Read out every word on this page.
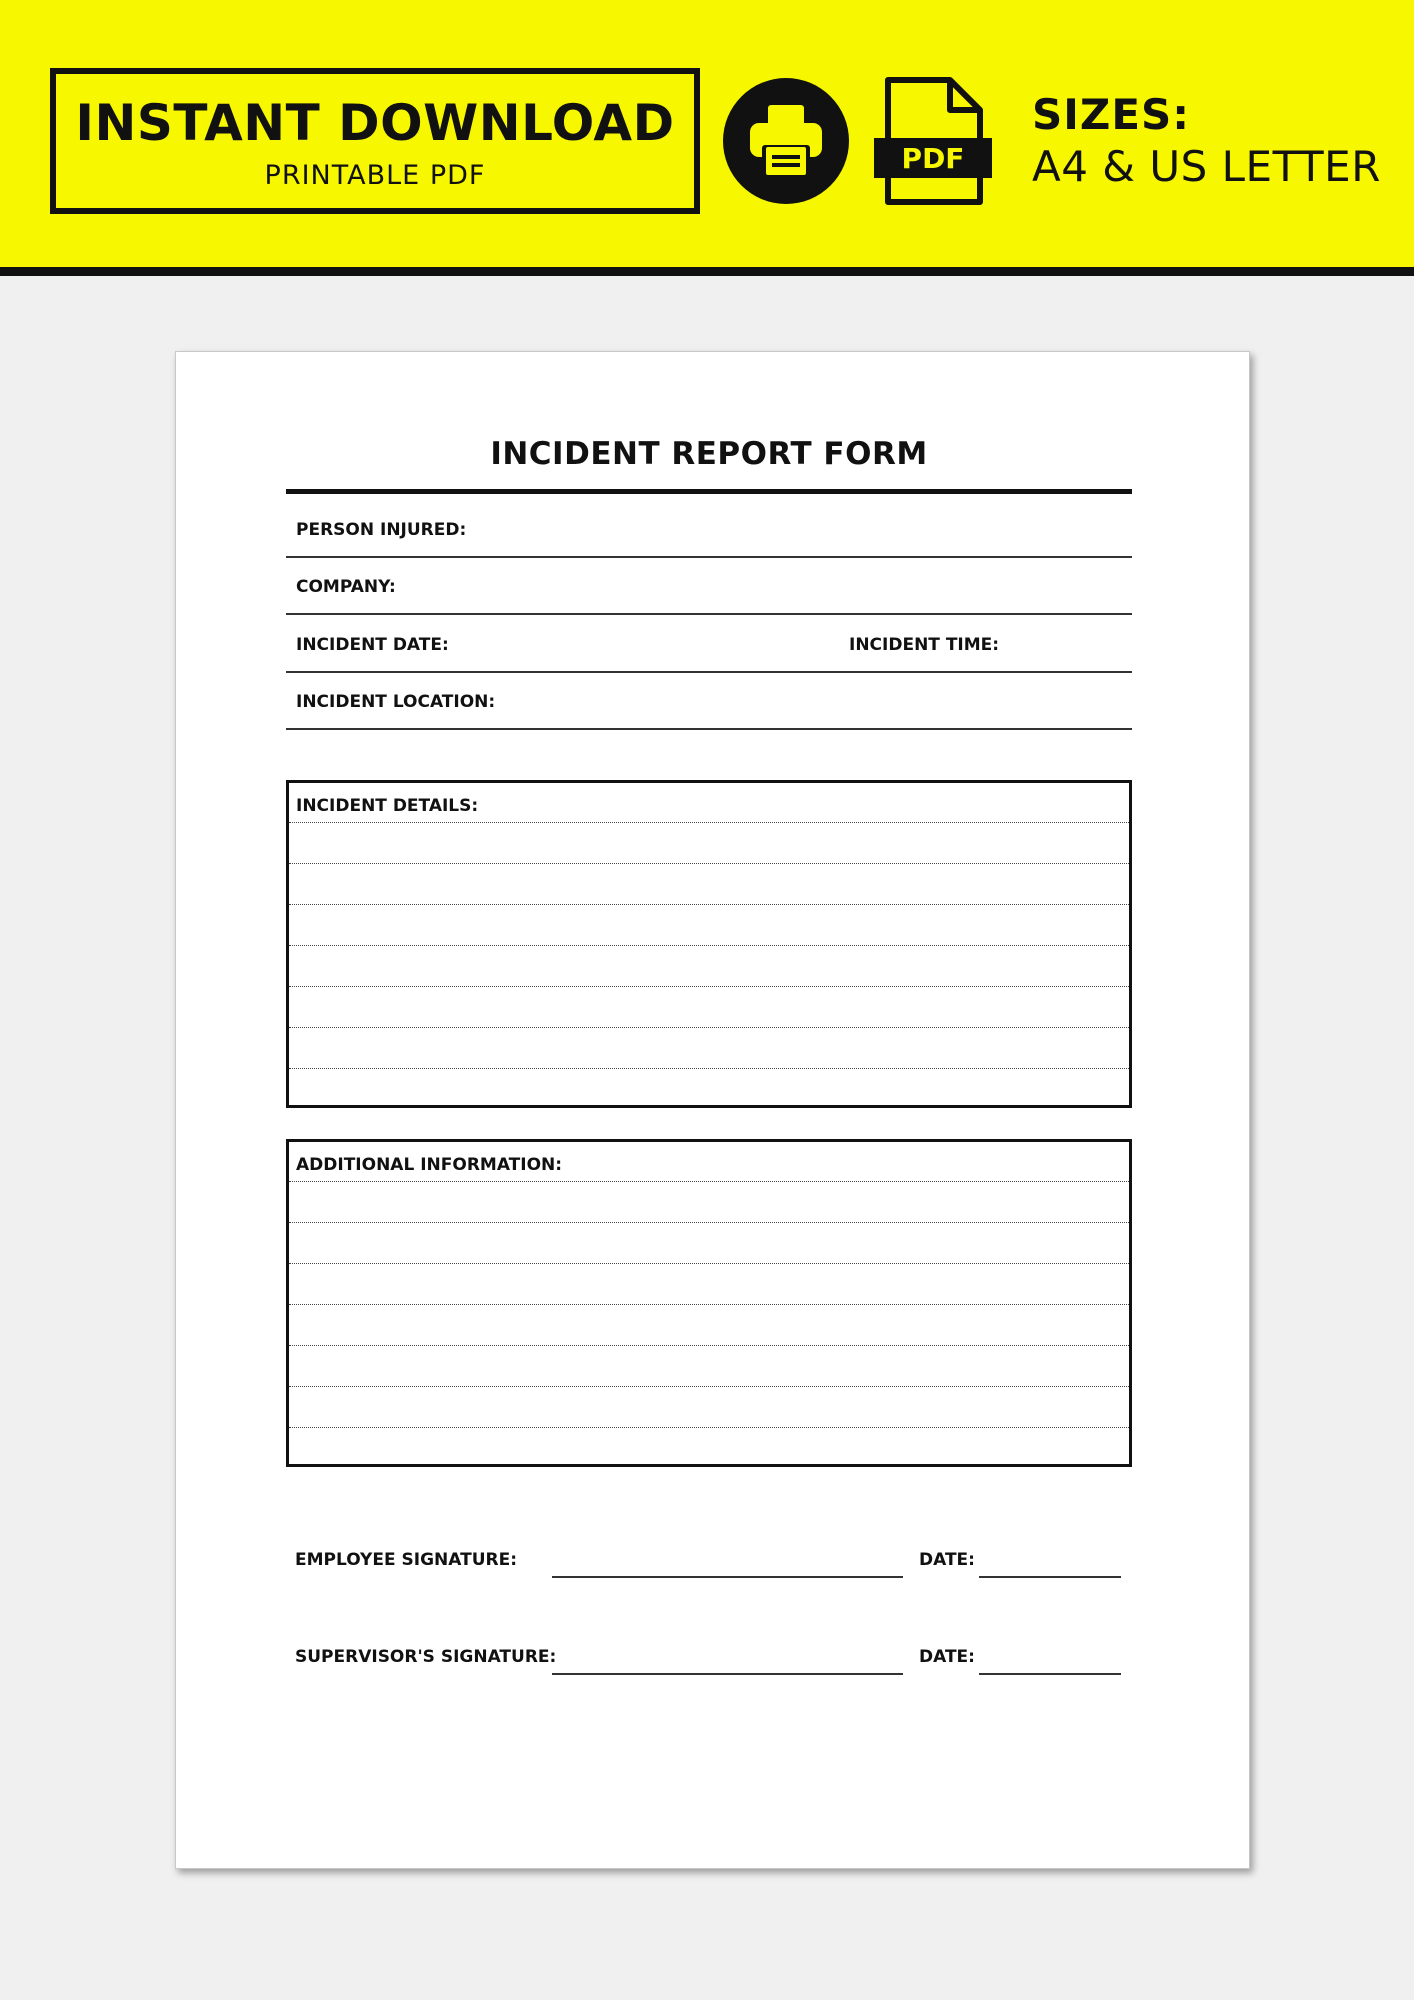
INSTANT DOWNLOAD
PRINTABLE PDF
PDF
SIZES:
A4 & US LETTER
INCIDENT REPORT FORM
PERSON INJURED:
COMPANY:
INCIDENT DATE:	INCIDENT TIME:
INCIDENT LOCATION:
INCIDENT DETAILS:
ADDITIONAL INFORMATION:
EMPLOYEE SIGNATURE:	DATE:
SUPERVISOR'S SIGNATURE:	DATE:
